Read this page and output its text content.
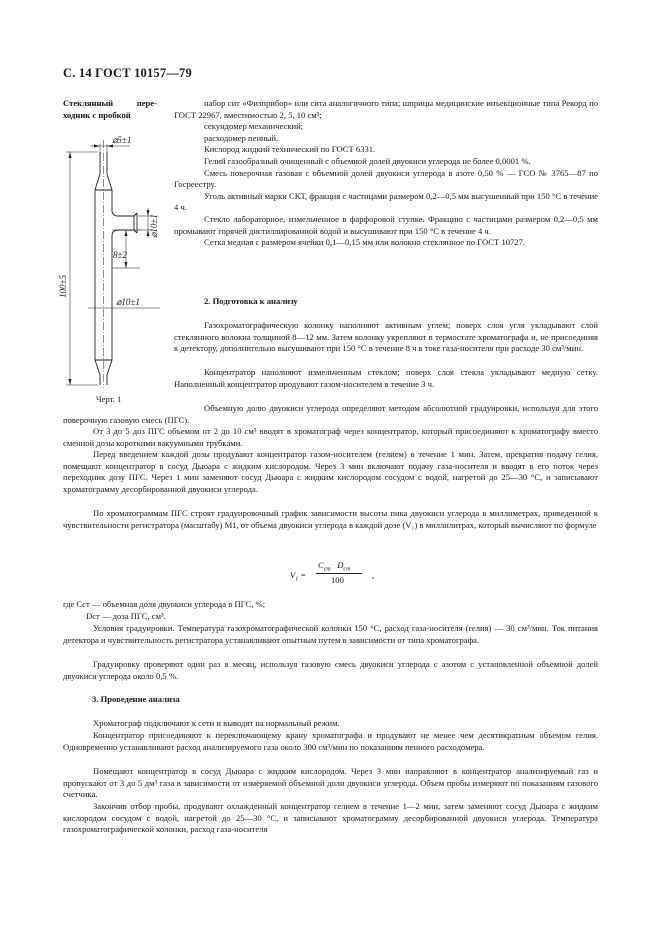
С. 14 ГОСТ 10157—79
Стеклянный пере-ходник с пробкой
⌀5±1
⌀10±1
100±5
8±2
⌀10±1
Черт. 1

набор сит «Физприбор» или сита аналогичного типа; шприцы медицинские инъекционные типа Рекорд по ГОСТ 22967, вместимостью 2, 5, 10 см³;

секундомер механический;

расходомер пенный.

Кислород жидкий технический по ГОСТ 6331.

Гелий газообразный очищенный с объемной долей двуокиси углерода не более 0,0001 %.

Смесь поверочная газовая с объемной долей двуокиси углерода в азоте 0,50 % — ГСО № 3765—87 по Госреестру.

Уголь активный марки СКТ, фракция с частицами размером 0,2—0,5 мм высушенный при 150 °С в течение 4 ч.

Стекло лабораторное, измельченное в фарфоровой ступке. Фракцию с частицами размером 0,2—0,5 мм промывают горячей дистиллированной водой и высушивают при 150 °С в течение 4 ч.

Сетка медная с размером ячейки 0,1—0,15 мм или волокно стеклянное по ГОСТ 10727.

2. Подготовка к анализу

Газохроматографическую колонку наполняют активным углем; поверх слоя угля укладывают слой стеклянного волокна толщиной 8—12 мм. Затем колонку укрепляют в термостате хроматографа и, не присоединяя к детектору, дополнительно высушивают при 150 °С в течение 8 ч в токе газа-носителя при расходе 30 см³/мин.

Концентратор наполняют измельченным стеклом; поверх слоя стекла укладывают медную сетку. Наполненный концентратор продувают газом-носителем в течение 3 ч.

Объемную долю двуокиси углерода определяют методом абсолютной градуировки, используя для этого поверочную газовую смесь (ПГС).

От 3 до 5 доз ПГС объемом от 2 до 10 см³ вводят в хроматограф через концентратор, который присоединяют к хроматографу вместо сменной дозы короткими вакуумными трубками.

Перед введением каждой дозы продувают концентратор газом-носителем (гелием) в течение 1 мин. Затем, прекратив подачу гелия, помещают концентратор в сосуд Дьюара с жидким кислородом. Через 3 мин включают подачу газа-носителя и вводят в его поток через переходник дозу ПГС. Через 1 мин заменяют сосуд Дьюара с жидким кислородом сосудом с водой, нагретой до 25—30 °С, и записывают хроматограмму десорбированной двуокиси углерода.

По хроматограммам ПГС строят градуировочный график зависимости высоты пика двуокиси углерода в миллиметрах, приведенной к чувствительности регистратора (масштабу) М1, от объема двуокиси углерода в каждой дозе (V₁) в миллилитрах, который вычисляют по формуле

$V_1$ =
$C_{ст}$ $D_{ст}$
100	,

где Cст — объемная доля двуокиси углерода в ПГС, %;

Dст — доза ПГС, см³.

Условия градуировки. Температура газохроматографической колонки 150 °С, расход газа-носителя (гелия) — 30 см³/мин. Ток питания детектора и чувствительность регистратора устанавливают опытным путем в зависимости от типа хроматографа.

Градуировку проверяют один раз в месяц, используя газовую смесь двуокиси углерода с азотом с установленной объемной долей двуокиси углерода около 0,5 %.

3. Проведение анализа

Хроматограф подключают к сети и выводят на нормальный режим.

Концентратор присоединяют к переключающему крану хроматографа и продувают не менее чем десятикратным объемом гелия. Одновременно устанавливают расход анализируемого газа около 300 см³/мин по показаниям пенного расходомера.

Помещают концентратор в сосуд Дьюара с жидким кислородом. Через 3 мин направляют в концентратор анализируемый газ и пропускают от 3 до 5 дм³ газа в зависимости от измеряемой объемной доли двуокиси углерода. Объем пробы измеряют по показаниям газового счетчика.

Закончив отбор пробы, продувают охлажденный концентратор гелием в течение 1—2 мин, затем заменяют сосуд Дьюара с жидким кислородом сосудом с водой, нагретой до 25—30 °С, и записывают хроматограмму десорбированной двуокиси углерода. Температура газохроматографической колонки, расход газа-носителя
